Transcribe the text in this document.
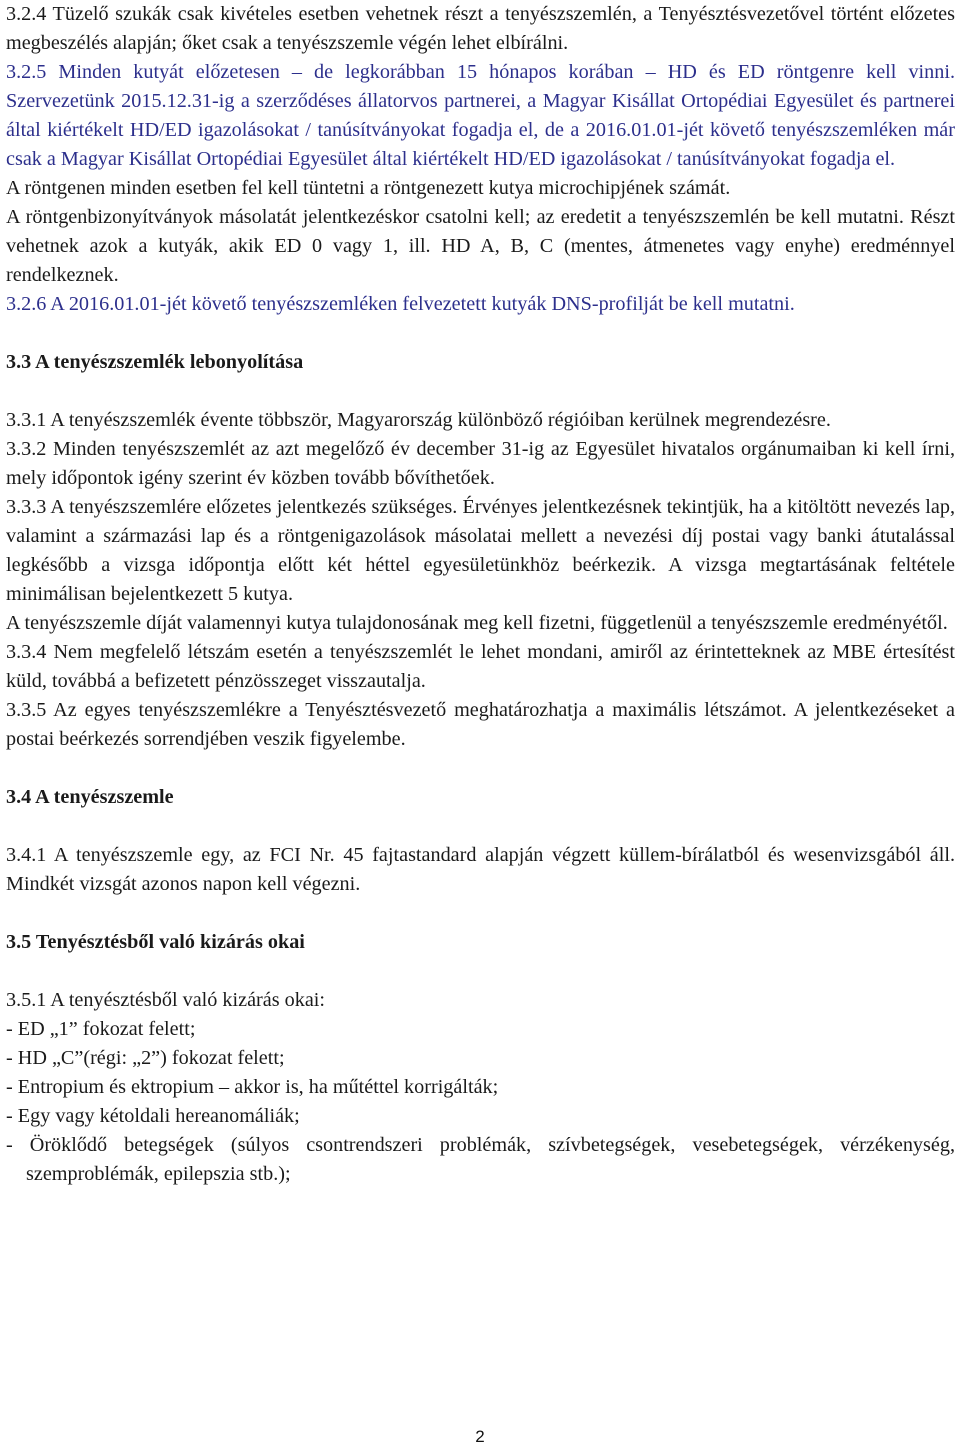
3.2.4 Tüzelő szukák csak kivételes esetben vehetnek részt a tenyészszemlén, a Tenyésztésvezetővel történt előzetes megbeszélés alapján; őket csak a tenyészszemle végén lehet elbírálni.

3.2.5 Minden kutyát előzetesen – de legkorábban 15 hónapos korában – HD és ED röntgenre kell vinni. Szervezetünk 2015.12.31-ig a szerződéses állatorvos partnerei, a Magyar Kisállat Ortopédiai Egyesület és partnerei által kiértékelt HD/ED igazolásokat / tanúsítványokat fogadja el, de a 2016.01.01-jét követő tenyészszemléken már csak a Magyar Kisállat Ortopédiai Egyesület által kiértékelt HD/ED igazolásokat / tanúsítványokat fogadja el.

A röntgenen minden esetben fel kell tüntetni a röntgenezett kutya microchipjének számát.

A röntgenbizonyítványok másolatát jelentkezéskor csatolni kell; az eredetit a tenyészszemlén be kell mutatni. Részt vehetnek azok a kutyák, akik ED 0 vagy 1, ill. HD A, B, C (mentes, átmenetes vagy enyhe) eredménnyel rendelkeznek.

3.2.6 A 2016.01.01-jét követő tenyészszemléken felvezetett kutyák DNS-profilját be kell mutatni.

3.3 A tenyészszemlék lebonyolítása

3.3.1 A tenyészszemlék évente többször, Magyarország különböző régióiban kerülnek megrendezésre.

3.3.2 Minden tenyészszemlét az azt megelőző év december 31-ig az Egyesület hivatalos orgánumaiban ki kell írni, mely időpontok igény szerint év közben tovább bővíthetőek.

3.3.3 A tenyészszemlére előzetes jelentkezés szükséges. Érvényes jelentkezésnek tekintjük, ha a kitöltött nevezés lap, valamint a származási lap és a röntgenigazolások másolatai mellett a nevezési díj postai vagy banki átutalással legkésőbb a vizsga időpontja előtt két héttel egyesületünkhöz beérkezik. A vizsga megtartásának feltétele minimálisan bejelentkezett 5 kutya.

A tenyészszemle díját valamennyi kutya tulajdonosának meg kell fizetni, függetlenül a tenyészszemle eredményétől.

3.3.4 Nem megfelelő létszám esetén a tenyészszemlét le lehet mondani, amiről az érintetteknek az MBE értesítést küld, továbbá a befizetett pénzösszeget visszautalja.

3.3.5 Az egyes tenyészszemlékre a Tenyésztésvezető meghatározhatja a maximális létszámot. A jelentkezéseket a postai beérkezés sorrendjében veszik figyelembe.

3.4 A tenyészszemle

3.4.1 A tenyészszemle egy, az FCI Nr. 45 fajtastandard alapján végzett küllem-bírálatból és wesenvizsgából áll. Mindkét vizsgát azonos napon kell végezni.

3.5 Tenyésztésből való kizárás okai

3.5.1 A tenyésztésből való kizárás okai:

- ED „1” fokozat felett;
- HD „C”(régi: „2”) fokozat felett;
- Entropium és ektropium – akkor is, ha műtéttel korrigálták;
- Egy vagy kétoldali hereanomáliák;
- Öröklődő betegségek (súlyos csontrendszeri problémák, szívbetegségek, vesebetegségek, vérzékenység, szemproblémák, epilepszia stb.);
2
